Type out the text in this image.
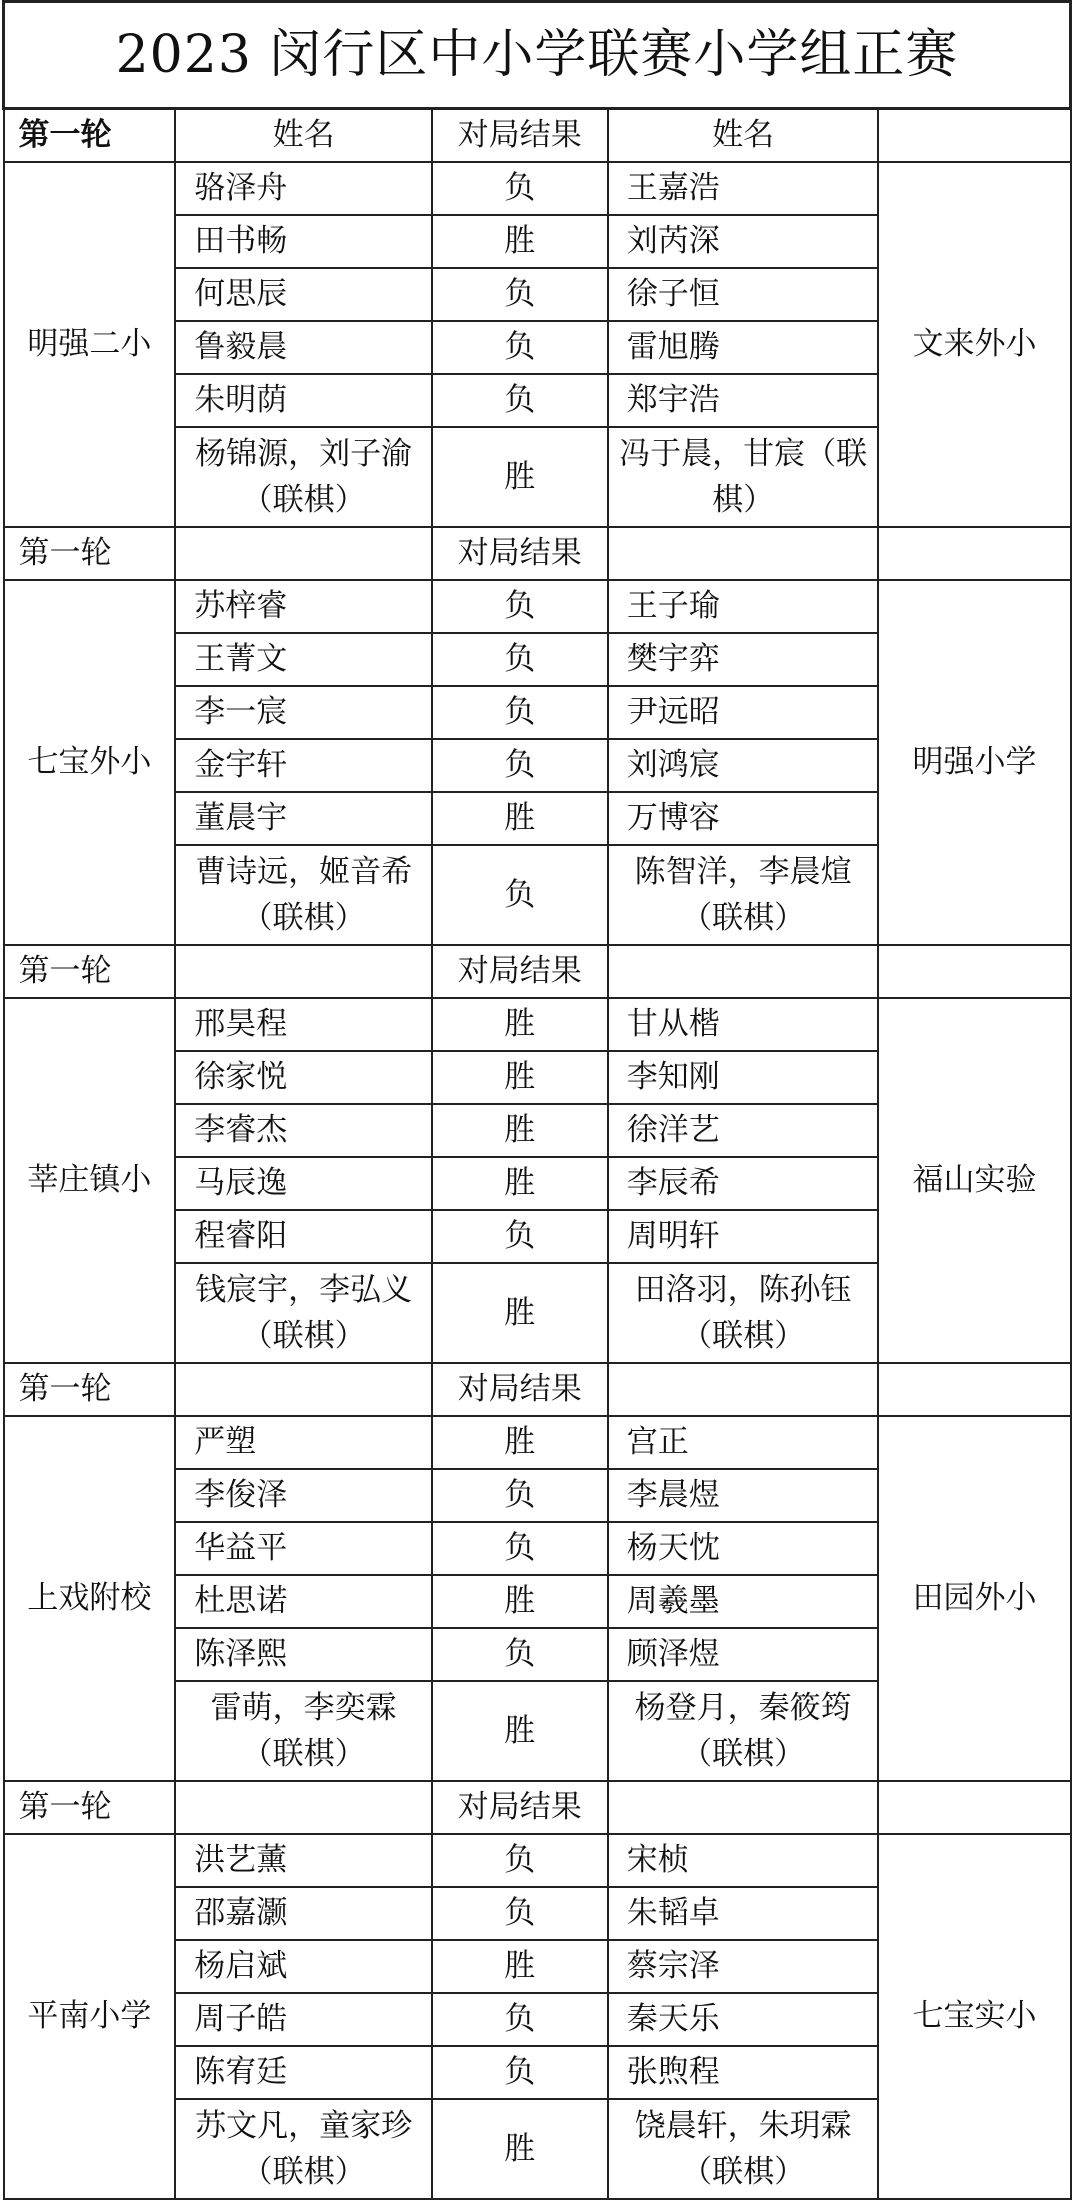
2023 闵行区中小学联赛小学组正赛				
第一轮	姓名	对局结果	姓名	
明强二小	骆泽舟	负	王嘉浩	文来外小
	田书畅	胜	刘芮深	
	何思辰	负	徐子恒	
	鲁毅晨	负	雷旭腾	
	朱明荫	负	郑宇浩	
	杨锦源，刘子渝（联棋）	胜	冯于晨，甘宸（联棋）	
第一轮		对局结果		
七宝外小	苏梓睿	负	王子瑜	明强小学
	王菁文	负	樊宇弈	
	李一宸	负	尹远昭	
	金宇轩	负	刘鸿宸	
	董晨宇	胜	万博容	
	曹诗远，姬音希（联棋）	负	陈智洋，李晨煊（联棋）	
第一轮		对局结果		
莘庄镇小	邢昊程	胜	甘从楷	福山实验
	徐家悦	胜	李知刚	
	李睿杰	胜	徐洋艺	
	马辰逸	胜	李辰希	
	程睿阳	负	周明轩	
	钱宸宇，李弘义（联棋）	胜	田洛羽，陈孙钰（联棋）	
第一轮		对局结果		
上戏附校	严塑	胜	宫正	田园外小
	李俊泽	负	李晨煜	
	华益平	负	杨天忱	
	杜思诺	胜	周羲墨	
	陈泽熙	负	顾泽煜	
	雷萌，李奕霖（联棋）	胜	杨登月，秦筱筠（联棋）	
第一轮		对局结果		
平南小学	洪艺薰	负	宋桢	七宝实小
	邵嘉灏	负	朱韬卓	
	杨启斌	胜	蔡宗泽	
	周子皓	负	秦天乐	
	陈宥廷	负	张煦程	
	苏文凡，童家珍（联棋）	胜	饶晨轩，朱玥霖（联棋）	
